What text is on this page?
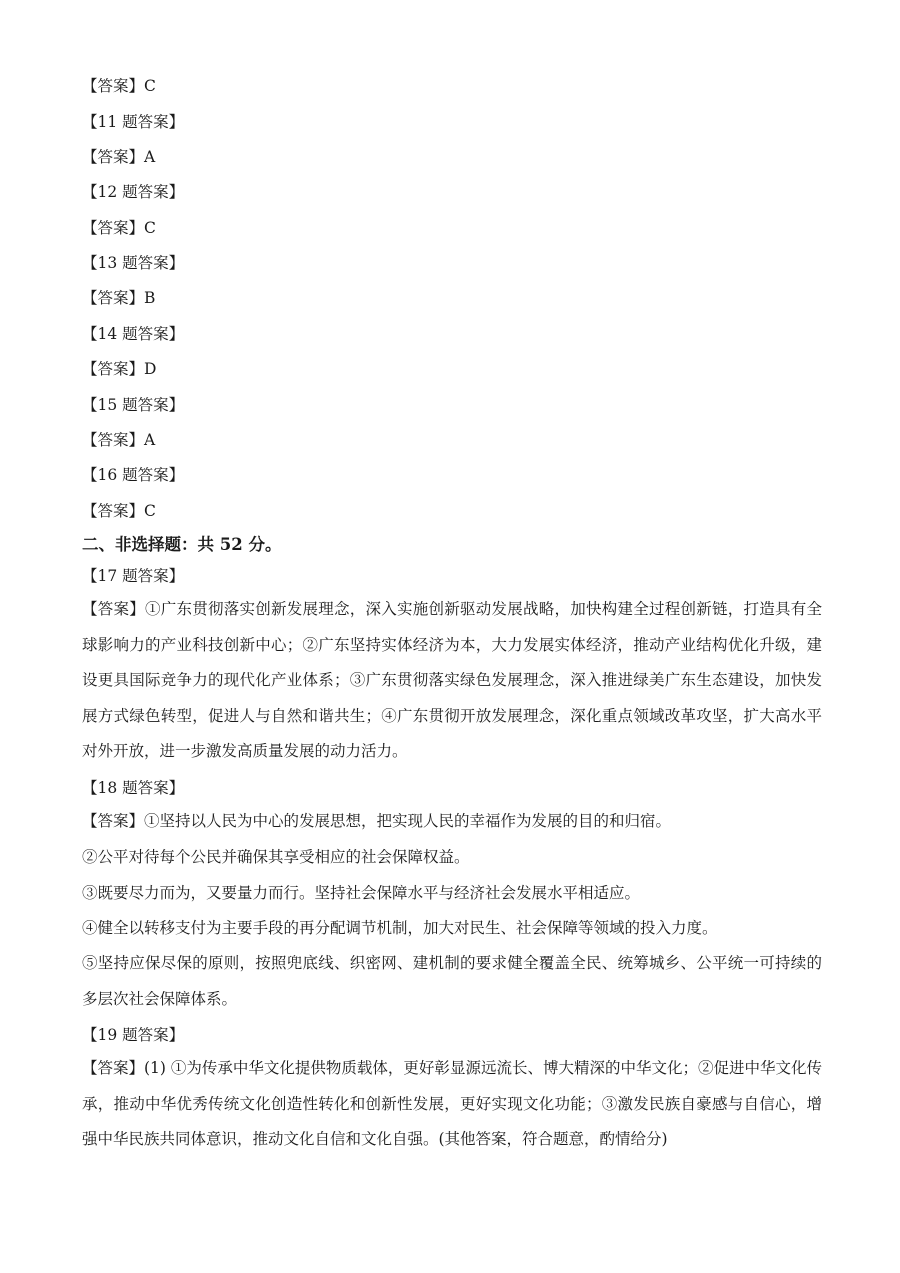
【答案】C
【11 题答案】
【答案】A
【12 题答案】
【答案】C
【13 题答案】
【答案】B
【14 题答案】
【答案】D
【15 题答案】
【答案】A
【16 题答案】
【答案】C
二、非选择题：共 52 分。
【17 题答案】
【答案】①广东贯彻落实创新发展理念，深入实施创新驱动发展战略，加快构建全过程创新链，打造具有全球影响力的产业科技创新中心；②广东坚持实体经济为本，大力发展实体经济，推动产业结构优化升级，建设更具国际竞争力的现代化产业体系；③广东贯彻落实绿色发展理念，深入推进绿美广东生态建设，加快发展方式绿色转型，促进人与自然和谐共生；④广东贯彻开放发展理念，深化重点领域改革攻坚，扩大高水平对外开放，进一步激发高质量发展的动力活力。
【18 题答案】
【答案】①坚持以人民为中心的发展思想，把实现人民的幸福作为发展的目的和归宿。
②公平对待每个公民并确保其享受相应的社会保障权益。
③既要尽力而为，又要量力而行。坚持社会保障水平与经济社会发展水平相适应。
④健全以转移支付为主要手段的再分配调节机制，加大对民生、社会保障等领域的投入力度。
⑤坚持应保尽保的原则，按照兜底线、织密网、建机制的要求健全覆盖全民、统筹城乡、公平统一可持续的多层次社会保障体系。
【19 题答案】
【答案】(1) ①为传承中华文化提供物质载体，更好彰显源远流长、博大精深的中华文化；②促进中华文化传承，推动中华优秀传统文化创造性转化和创新性发展，更好实现文化功能；③激发民族自豪感与自信心，增强中华民族共同体意识，推动文化自信和文化自强。(其他答案，符合题意，酌情给分)
